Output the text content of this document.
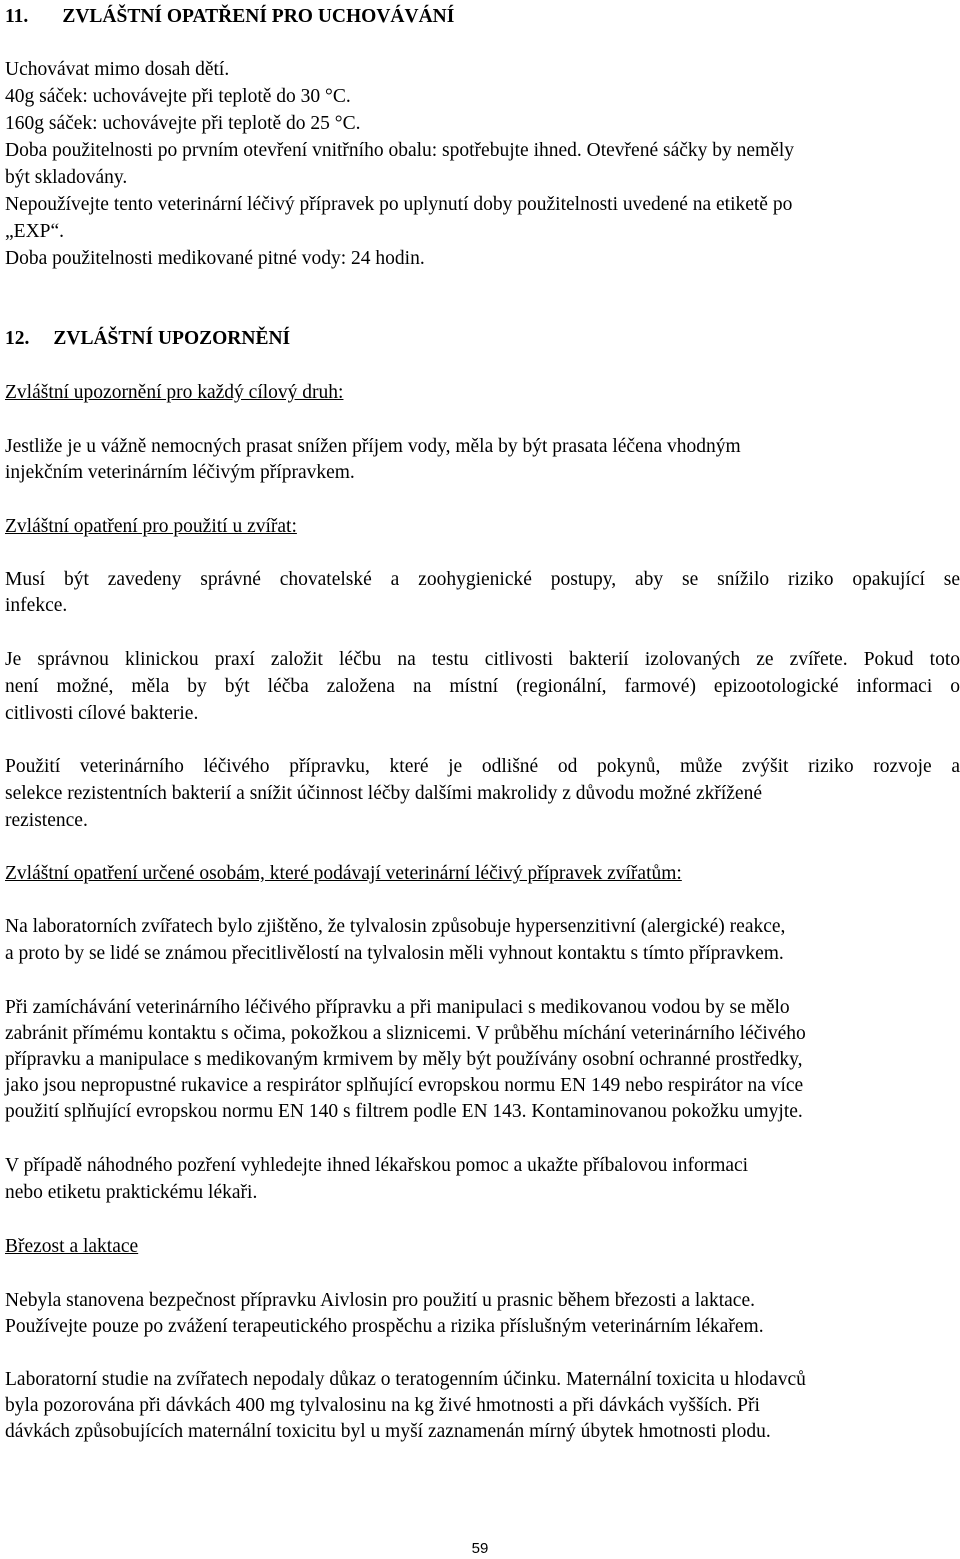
11. ZVLÁŠTNÍ OPATŘENÍ PRO UCHOVÁVÁNÍ
Uchovávat mimo dosah dětí.
40g sáček: uchovávejte při teplotě do 30 °C.
160g sáček: uchovávejte při teplotě do 25 °C.
Doba použitelnosti po prvním otevření vnitřního obalu: spotřebujte ihned. Otevřené sáčky by neměly
být skladovány.
Nepoužívejte tento veterinární léčivý přípravek po uplynutí doby použitelnosti uvedené na etiketě po
„EXP“.
Doba použitelnosti medikované pitné vody: 24 hodin.
12. ZVLÁŠTNÍ UPOZORNĚNÍ
Zvláštní upozornění pro každý cílový druh:
Jestliže je u vážně nemocných prasat snížen příjem vody, měla by být prasata léčena vhodným
injekčním veterinárním léčivým přípravkem.
Zvláštní opatření pro použití u zvířat:
Musí být zavedeny správné chovatelské a zoohygienické postupy, aby se snížilo riziko opakující se
infekce.
Je správnou klinickou praxí založit léčbu na testu citlivosti bakterií izolovaných ze zvířete. Pokud toto
není možné, měla by být léčba založena na místní (regionální, farmové) epizootologické informaci o
citlivosti cílové bakterie.
Použití veterinárního léčivého přípravku, které je odlišné od pokynů, může zvýšit riziko rozvoje a
selekce rezistentních bakterií a snížit účinnost léčby dalšími makrolidy z důvodu možné zkřížené
rezistence.
Zvláštní opatření určené osobám, které podávají veterinární léčivý přípravek zvířatům:
Na laboratorních zvířatech bylo zjištěno, že tylvalosin způsobuje hypersenzitivní (alergické) reakce,
a proto by se lidé se známou přecitlivělostí na tylvalosin měli vyhnout kontaktu s tímto přípravkem.
Při zamíchávání veterinárního léčivého přípravku a při manipulaci s medikovanou vodou by se mělo
zabránit přímému kontaktu s očima, pokožkou a sliznicemi. V průběhu míchání veterinárního léčivého
přípravku a manipulace s medikovaným krmivem by měly být používány osobní ochranné prostředky,
jako jsou nepropustné rukavice a respirátor splňující evropskou normu EN 149 nebo respirátor na více
použití splňující evropskou normu EN 140 s filtrem podle EN 143. Kontaminovanou pokožku umyjte.
V případě náhodného pozření vyhledejte ihned lékařskou pomoc a ukažte příbalovou informaci
nebo etiketu praktickému lékaři.
Březost a laktace
Nebyla stanovena bezpečnost přípravku Aivlosin pro použití u prasnic během březosti a laktace.
Používejte pouze po zvážení terapeutického prospěchu a rizika příslušným veterinárním lékařem.
Laboratorní studie na zvířatech nepodaly důkaz o teratogenním účinku. Maternální toxicita u hlodavců
byla pozorována při dávkách 400 mg tylvalosinu na kg živé hmotnosti a při dávkách vyšších. Při
dávkách způsobujících maternální toxicitu byl u myší zaznamenán mírný úbytek hmotnosti plodu.
59
